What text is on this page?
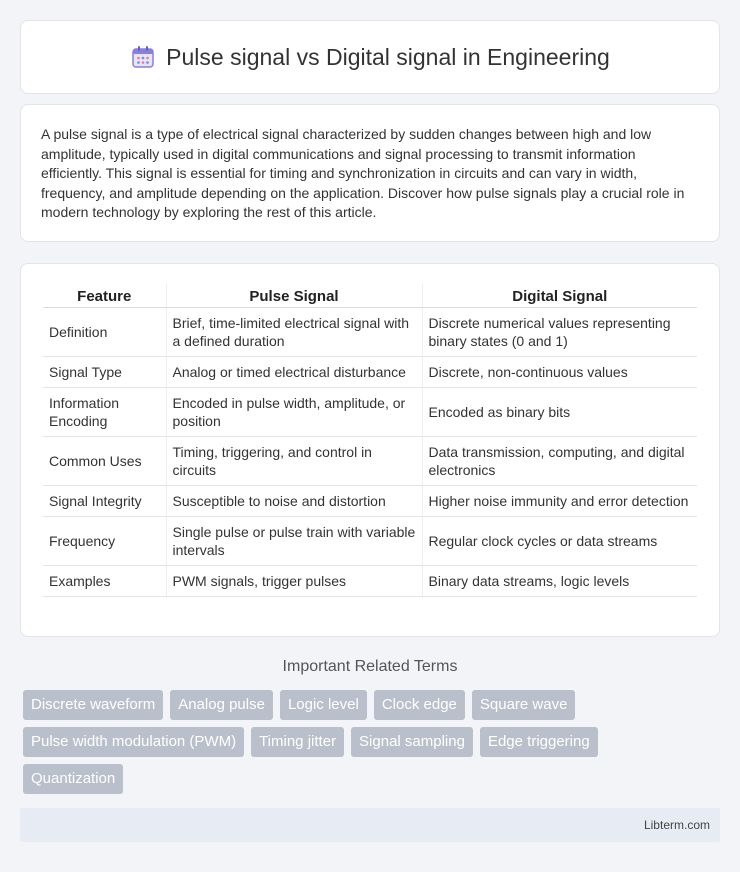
Pulse signal vs Digital signal in Engineering

A pulse signal is a type of electrical signal characterized by sudden changes between high and low amplitude, typically used in digital communications and signal processing to transmit information efficiently. This signal is essential for timing and synchronization in circuits and can vary in width, frequency, and amplitude depending on the application. Discover how pulse signals play a crucial role in modern technology by exploring the rest of this article.

Feature	Pulse Signal	Digital Signal
Definition	Brief, time-limited electrical signal with a defined duration	Discrete numerical values representing binary states (0 and 1)
Signal Type	Analog or timed electrical disturbance	Discrete, non-continuous values
Information Encoding	Encoded in pulse width, amplitude, or position	Encoded as binary bits
Common Uses	Timing, triggering, and control in circuits	Data transmission, computing, and digital electronics
Signal Integrity	Susceptible to noise and distortion	Higher noise immunity and error detection
Frequency	Single pulse or pulse train with variable intervals	Regular clock cycles or data streams
Examples	PWM signals, trigger pulses	Binary data streams, logic levels
Important Related Terms
Discrete waveform	Analog pulse	Logic level	Clock edge	Square wave
Pulse width modulation (PWM)	Timing jitter	Signal sampling	Edge triggering
Quantization
Libterm.com
